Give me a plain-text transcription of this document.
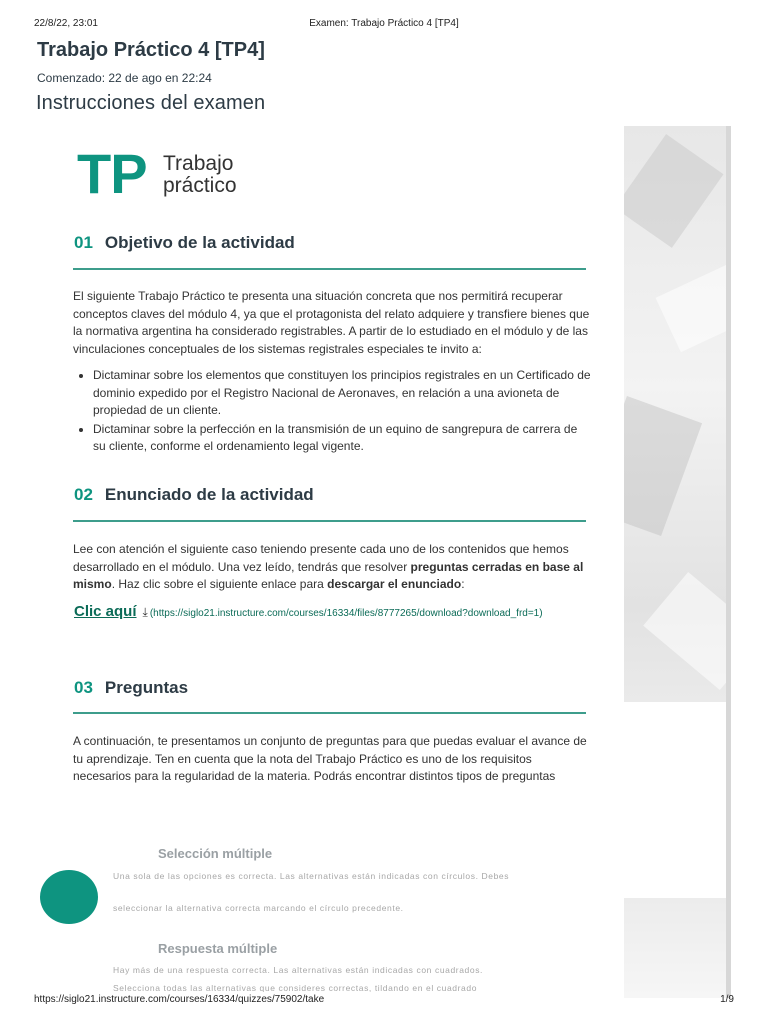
22/8/22, 23:01	Examen: Trabajo Práctico 4 [TP4]
Trabajo Práctico 4 [TP4]
Comenzado: 22 de ago en 22:24
Instrucciones del examen
TP Trabajo
práctico
01 Objetivo de la actividad
El siguiente Trabajo Práctico te presenta una situación concreta que nos permitirá recuperar conceptos claves del módulo 4, ya que el protagonista del relato adquiere y transfiere bienes que la normativa argentina ha considerado registrables. A partir de lo estudiado en el módulo y de las vinculaciones conceptuales de los sistemas registrales especiales te invito a:
• Dictaminar sobre los elementos que constituyen los principios registrales en un Certificado de dominio expedido por el Registro Nacional de Aeronaves, en relación a una avioneta de propiedad de un cliente.
• Dictaminar sobre la perfección en la transmisión de un equino de sangrepura de carrera de su cliente, conforme el ordenamiento legal vigente.
02 Enunciado de la actividad
Lee con atención el siguiente caso teniendo presente cada uno de los contenidos que hemos desarrollado en el módulo. Una vez leído, tendrás que resolver preguntas cerradas en base al mismo. Haz clic sobre el siguiente enlace para descargar el enunciado:
Clic aquí ⤓ (https://siglo21.instructure.com/courses/16334/files/8777265/download?download_frd=1)
03 Preguntas
A continuación, te presentamos un conjunto de preguntas para que puedas evaluar el avance de tu aprendizaje. Ten en cuenta que la nota del Trabajo Práctico es uno de los requisitos necesarios para la regularidad de la materia. Podrás encontrar distintos tipos de preguntas
Selección múltiple
Una sola de las opciones es correcta. Las alternativas están indicadas con círculos. Debes
seleccionar la alternativa correcta marcando el círculo precedente.
Respuesta múltiple
Hay más de una respuesta correcta. Las alternativas están indicadas con cuadrados.
Selecciona todas las alternativas que consideres correctas, tildando en el cuadrado
https://siglo21.instructure.com/courses/16334/quizzes/75902/take	1/9
